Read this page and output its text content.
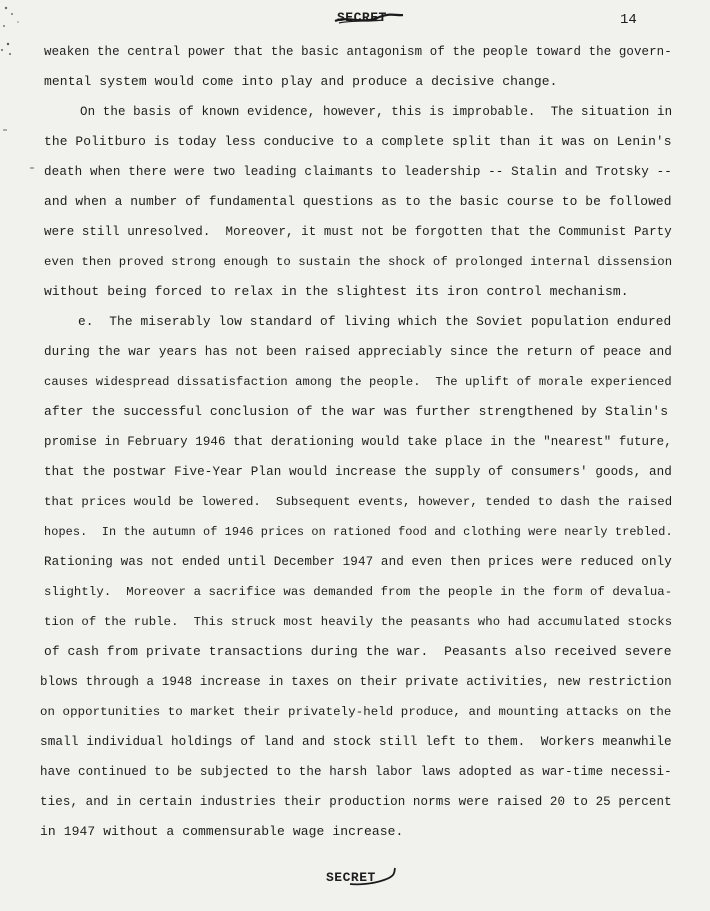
SECRET	14
weaken the central power that the basic antagonism of the people toward the govern-
mental system would come into play and produce a decisive change.
On the basis of known evidence, however, this is improbable.  The situation in
the Politburo is today less conducive to a complete split than it was on Lenin's
death when there were two leading claimants to leadership -- Stalin and Trotsky --
and when a number of fundamental questions as to the basic course to be followed
were still unresolved.  Moreover, it must not be forgotten that the Communist Party
even then proved strong enough to sustain the shock of prolonged internal dissension
without being forced to relax in the slightest its iron control mechanism.
e.  The miserably low standard of living which the Soviet population endured
during the war years has not been raised appreciably since the return of peace and
causes widespread dissatisfaction among the people.  The uplift of morale experienced
after the successful conclusion of the war was further strengthened by Stalin's
promise in February 1946 that derationing would take place in the "nearest" future,
that the postwar Five-Year Plan would increase the supply of consumers' goods, and
that prices would be lowered.  Subsequent events, however, tended to dash the raised
hopes.  In the autumn of 1946 prices on rationed food and clothing were nearly trebled.
Rationing was not ended until December 1947 and even then prices were reduced only
slightly.  Moreover a sacrifice was demanded from the people in the form of devalua-
tion of the ruble.  This struck most heavily the peasants who had accumulated stocks
of cash from private transactions during the war.  Peasants also received severe
blows through a 1948 increase in taxes on their private activities, new restriction
on opportunities to market their privately-held produce, and mounting attacks on the
small individual holdings of land and stock still left to them.  Workers meanwhile
have continued to be subjected to the harsh labor laws adopted as war-time necessi-
ties, and in certain industries their production norms were raised 20 to 25 percent
in 1947 without a commensurable wage increase.
SECRET
